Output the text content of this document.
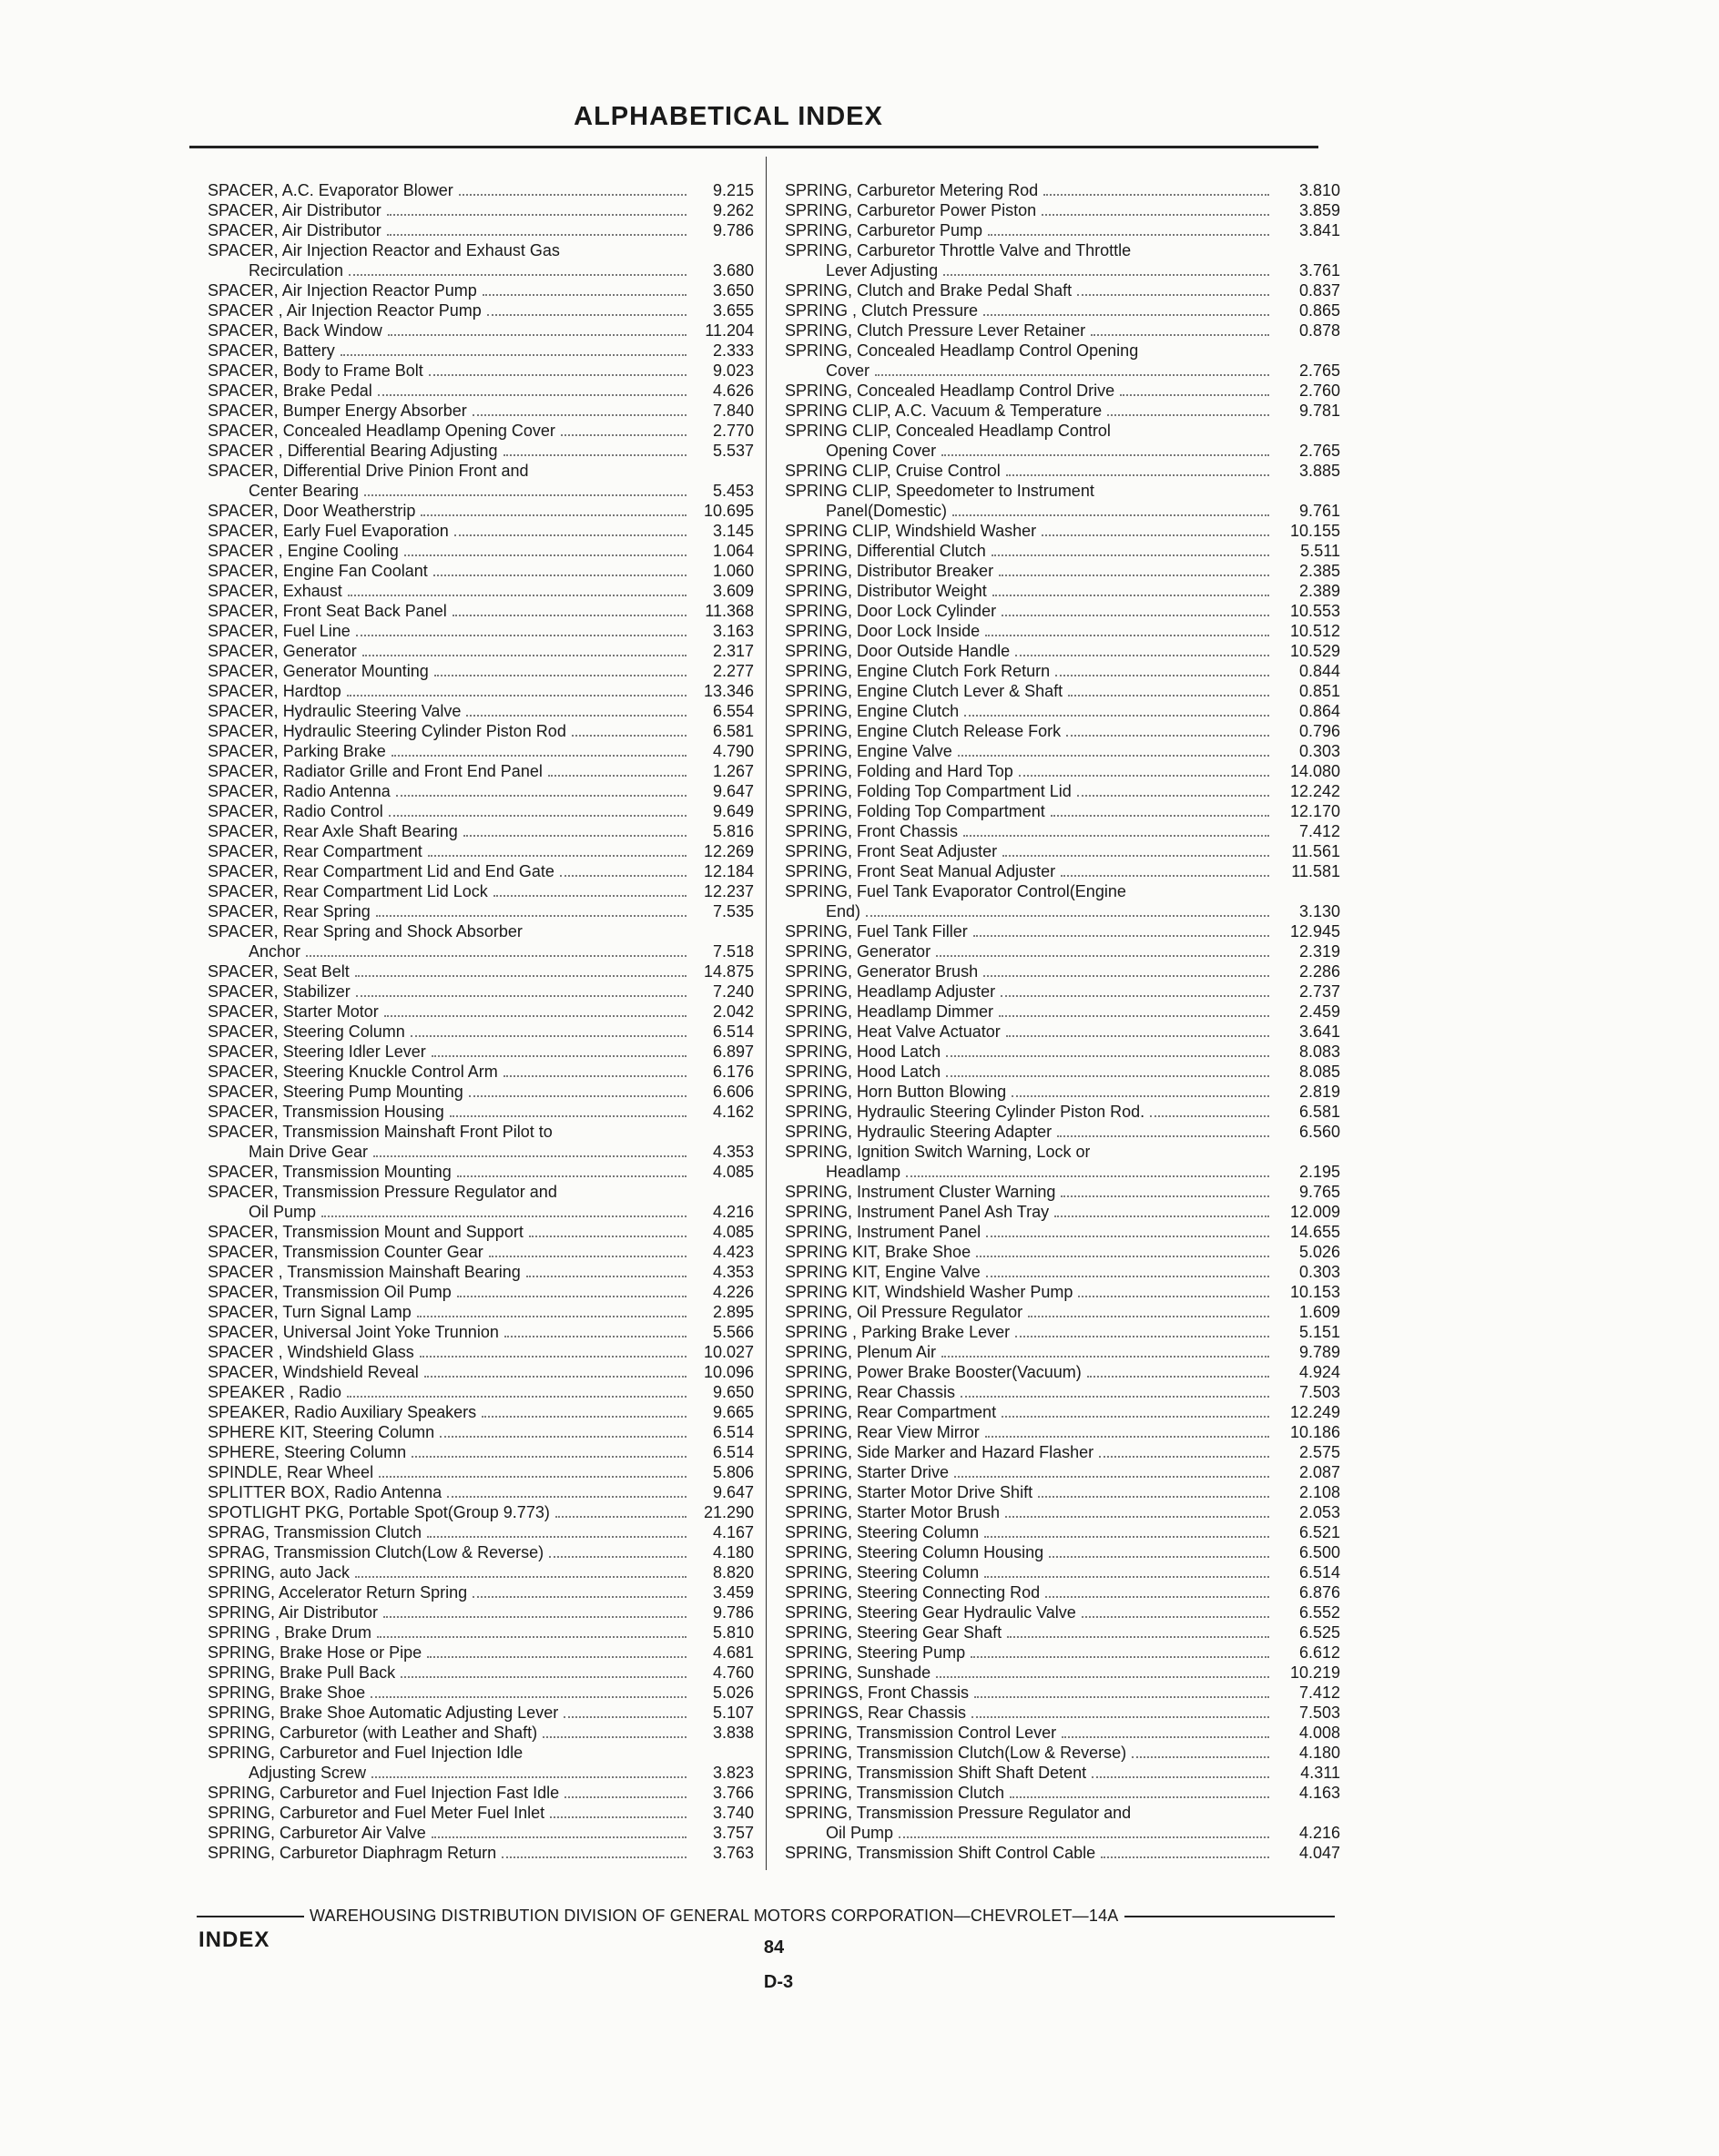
ALPHABETICAL INDEX
SPACER, A.C. Evaporator Blower	9.215
SPACER, Air Distributor	9.262
SPACER, Air Distributor	9.786
SPACER, Air Injection Reactor and Exhaust Gas
Recirculation	3.680
SPACER, Air Injection Reactor Pump	3.650
SPACER , Air Injection Reactor Pump	3.655
SPACER, Back Window	11.204
SPACER, Battery	2.333
SPACER, Body to Frame Bolt	9.023
SPACER, Brake Pedal	4.626
SPACER, Bumper Energy Absorber	7.840
SPACER, Concealed Headlamp Opening Cover	2.770
SPACER , Differential Bearing Adjusting	5.537
SPACER, Differential Drive Pinion Front and
Center Bearing	5.453
SPACER, Door Weatherstrip	10.695
SPACER, Early Fuel Evaporation	3.145
SPACER , Engine Cooling	1.064
SPACER, Engine Fan Coolant	1.060
SPACER, Exhaust	3.609
SPACER, Front Seat Back Panel	11.368
SPACER, Fuel Line	3.163
SPACER, Generator	2.317
SPACER, Generator Mounting	2.277
SPACER, Hardtop	13.346
SPACER, Hydraulic Steering Valve	6.554
SPACER, Hydraulic Steering Cylinder Piston Rod	6.581
SPACER, Parking Brake	4.790
SPACER, Radiator Grille and Front End Panel	1.267
SPACER, Radio Antenna	9.647
SPACER, Radio Control	9.649
SPACER, Rear Axle Shaft Bearing	5.816
SPACER, Rear Compartment	12.269
SPACER, Rear Compartment Lid and End Gate	12.184
SPACER, Rear Compartment Lid Lock	12.237
SPACER, Rear Spring	7.535
SPACER, Rear Spring and Shock Absorber
Anchor	7.518
SPACER, Seat Belt	14.875
SPACER, Stabilizer	7.240
SPACER, Starter Motor	2.042
SPACER, Steering Column	6.514
SPACER, Steering Idler Lever	6.897
SPACER, Steering Knuckle Control Arm	6.176
SPACER, Steering Pump Mounting	6.606
SPACER, Transmission Housing	4.162
SPACER, Transmission Mainshaft Front Pilot to
Main Drive Gear	4.353
SPACER, Transmission Mounting	4.085
SPACER, Transmission Pressure Regulator and
Oil Pump	4.216
SPACER, Transmission Mount and Support	4.085
SPACER, Transmission Counter Gear	4.423
SPACER , Transmission Mainshaft Bearing	4.353
SPACER, Transmission Oil Pump	4.226
SPACER, Turn Signal Lamp	2.895
SPACER, Universal Joint Yoke Trunnion	5.566
SPACER , Windshield Glass	10.027
SPACER, Windshield Reveal	10.096
SPEAKER , Radio	9.650
SPEAKER, Radio Auxiliary Speakers	9.665
SPHERE KIT, Steering Column	6.514
SPHERE, Steering Column	6.514
SPINDLE, Rear Wheel	5.806
SPLITTER BOX, Radio Antenna	9.647
SPOTLIGHT PKG, Portable Spot(Group 9.773)	21.290
SPRAG, Transmission Clutch	4.167
SPRAG, Transmission Clutch(Low & Reverse)	4.180
SPRING, auto Jack	8.820
SPRING, Accelerator Return Spring	3.459
SPRING, Air Distributor	9.786
SPRING , Brake Drum	5.810
SPRING, Brake Hose or Pipe	4.681
SPRING, Brake Pull Back	4.760
SPRING, Brake Shoe	5.026
SPRING, Brake Shoe Automatic Adjusting Lever	5.107
SPRING, Carburetor (with Leather and Shaft)	3.838
SPRING, Carburetor and Fuel Injection Idle
Adjusting Screw	3.823
SPRING, Carburetor and Fuel Injection Fast Idle	3.766
SPRING, Carburetor and Fuel Meter Fuel Inlet	3.740
SPRING, Carburetor Air Valve	3.757
SPRING, Carburetor Diaphragm Return	3.763
SPRING, Carburetor Metering Rod	3.810
SPRING, Carburetor Power Piston	3.859
SPRING, Carburetor Pump	3.841
SPRING, Carburetor Throttle Valve and Throttle
Lever Adjusting	3.761
SPRING, Clutch and Brake Pedal Shaft	0.837
SPRING , Clutch Pressure	0.865
SPRING, Clutch Pressure Lever Retainer	0.878
SPRING, Concealed Headlamp Control Opening
Cover	2.765
SPRING, Concealed Headlamp Control Drive	2.760
SPRING CLIP, A.C. Vacuum & Temperature	9.781
SPRING CLIP, Concealed Headlamp Control
Opening Cover	2.765
SPRING CLIP, Cruise Control	3.885
SPRING CLIP, Speedometer to Instrument
Panel(Domestic)	9.761
SPRING CLIP, Windshield Washer	10.155
SPRING, Differential Clutch	5.511
SPRING, Distributor Breaker	2.385
SPRING, Distributor Weight	2.389
SPRING, Door Lock Cylinder	10.553
SPRING, Door Lock Inside	10.512
SPRING, Door Outside Handle	10.529
SPRING, Engine Clutch Fork Return	0.844
SPRING, Engine Clutch Lever & Shaft	0.851
SPRING, Engine Clutch	0.864
SPRING, Engine Clutch Release Fork	0.796
SPRING, Engine Valve	0.303
SPRING, Folding and Hard Top	14.080
SPRING, Folding Top Compartment Lid	12.242
SPRING, Folding Top Compartment	12.170
SPRING, Front Chassis	7.412
SPRING, Front Seat Adjuster	11.561
SPRING, Front Seat Manual Adjuster	11.581
SPRING, Fuel Tank Evaporator Control(Engine
End)	3.130
SPRING, Fuel Tank Filler	12.945
SPRING, Generator	2.319
SPRING, Generator Brush	2.286
SPRING, Headlamp Adjuster	2.737
SPRING, Headlamp Dimmer	2.459
SPRING, Heat Valve Actuator	3.641
SPRING, Hood Latch	8.083
SPRING, Hood Latch	8.085
SPRING, Horn Button Blowing	2.819
SPRING, Hydraulic Steering Cylinder Piston Rod.	6.581
SPRING, Hydraulic Steering Adapter	6.560
SPRING, Ignition Switch Warning, Lock or
Headlamp	2.195
SPRING, Instrument Cluster Warning	9.765
SPRING, Instrument Panel Ash Tray	12.009
SPRING, Instrument Panel	14.655
SPRING KIT, Brake Shoe	5.026
SPRING KIT, Engine Valve	0.303
SPRING KIT, Windshield Washer Pump	10.153
SPRING, Oil Pressure Regulator	1.609
SPRING , Parking Brake Lever	5.151
SPRING, Plenum Air	9.789
SPRING, Power Brake Booster(Vacuum)	4.924
SPRING, Rear Chassis	7.503
SPRING, Rear Compartment	12.249
SPRING, Rear View Mirror	10.186
SPRING, Side Marker and Hazard Flasher	2.575
SPRING, Starter Drive	2.087
SPRING, Starter Motor Drive Shift	2.108
SPRING, Starter Motor Brush	2.053
SPRING, Steering Column	6.521
SPRING, Steering Column Housing	6.500
SPRING, Steering Column	6.514
SPRING, Steering Connecting Rod	6.876
SPRING, Steering Gear Hydraulic Valve	6.552
SPRING, Steering Gear Shaft	6.525
SPRING, Steering Pump	6.612
SPRING, Sunshade	10.219
SPRINGS, Front Chassis	7.412
SPRINGS, Rear Chassis	7.503
SPRING, Transmission Control Lever	4.008
SPRING, Transmission Clutch(Low & Reverse)	4.180
SPRING, Transmission Shift Shaft Detent	4.311
SPRING, Transmission Clutch	4.163
SPRING, Transmission Pressure Regulator and
Oil Pump	4.216
SPRING, Transmission Shift Control Cable	4.047
WAREHOUSING DISTRIBUTION DIVISION OF GENERAL MOTORS CORPORATION—CHEVROLET—14A
INDEX	84
D-3
